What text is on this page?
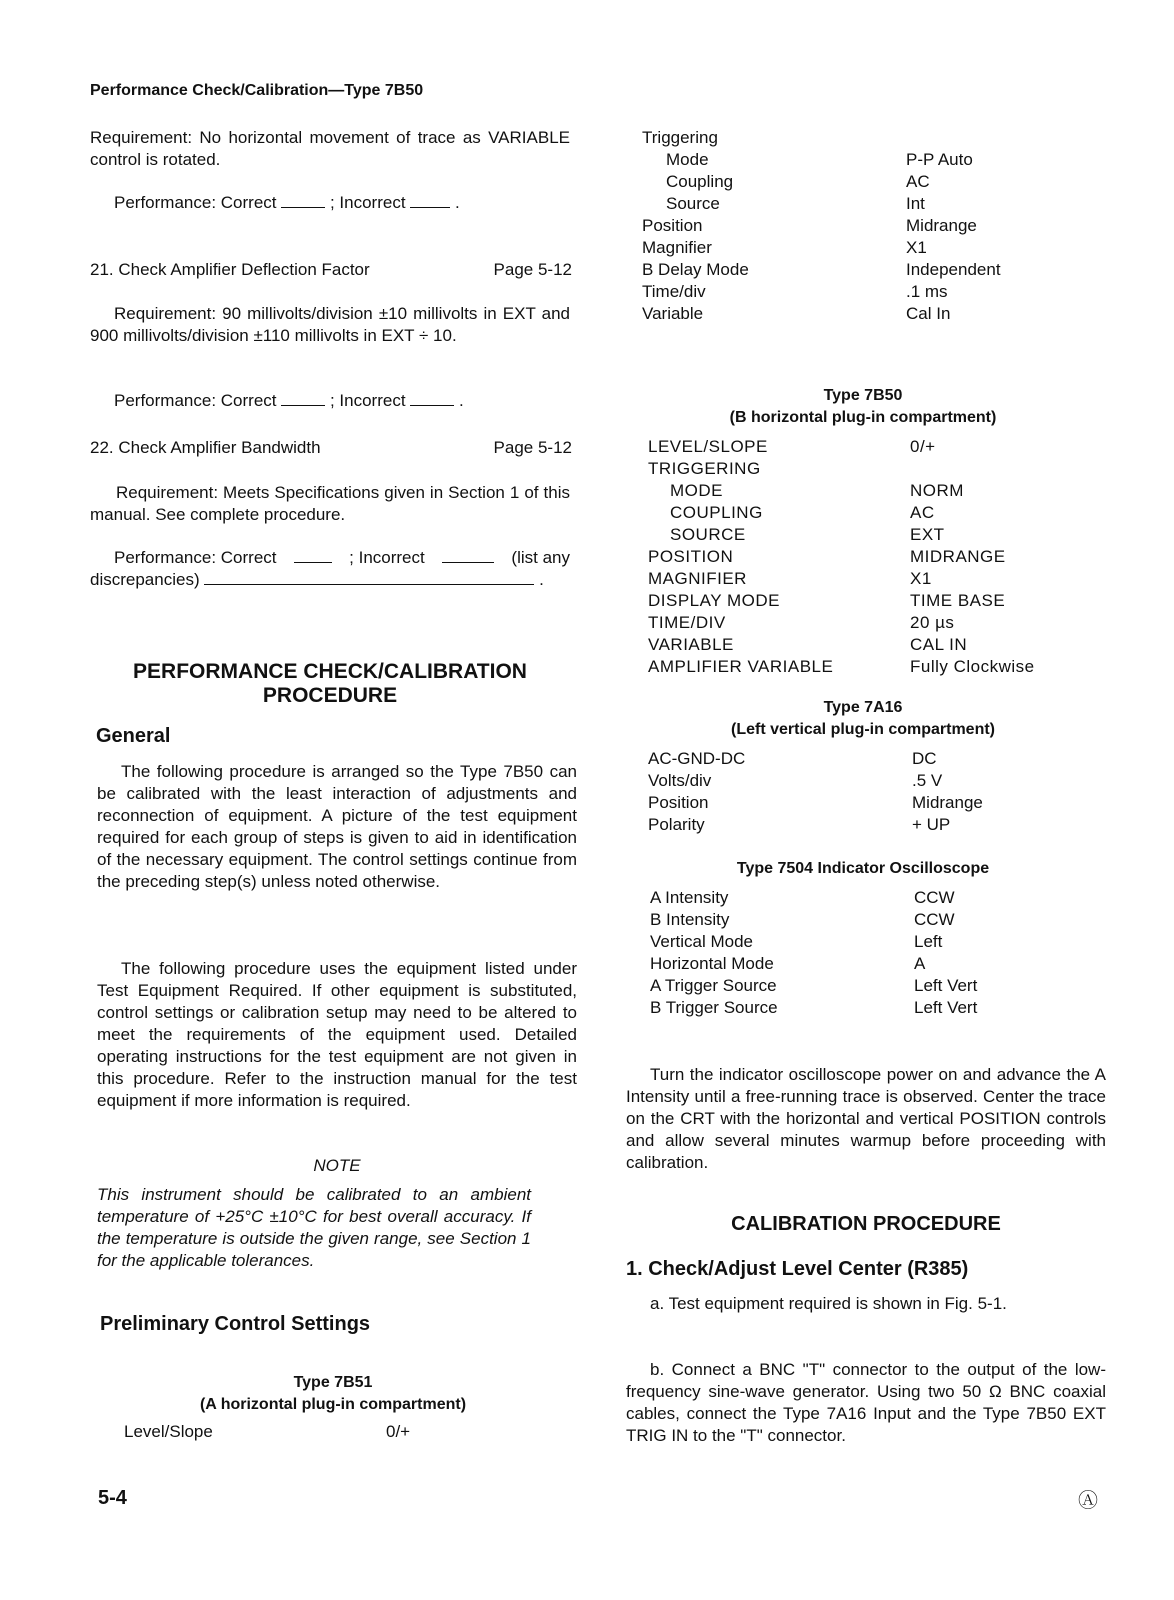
Performance Check/Calibration—Type 7B50
Requirement: No horizontal movement of trace as VARIABLE control is rotated.
Performance: Correct	; Incorrect	.
21. Check Amplifier Deflection Factor	Page 5-12
Requirement: 90 millivolts/division ±10 millivolts in EXT and 900 millivolts/division ±110 millivolts in EXT ÷ 10.
Performance: Correct	; Incorrect	.
22. Check Amplifier Bandwidth	Page 5-12
Requirement: Meets Specifications given in Section 1 of this manual. See complete procedure.
Performance: Correct	; Incorrect	(list any
discrepancies)	.
PERFORMANCE CHECK/CALIBRATION
PROCEDURE
General
The following procedure is arranged so the Type 7B50 can be calibrated with the least interaction of adjustments and reconnection of equipment. A picture of the test equipment required for each group of steps is given to aid in identification of the necessary equipment. The control settings continue from the preceding step(s) unless noted otherwise.
The following procedure uses the equipment listed under Test Equipment Required. If other equipment is substituted, control settings or calibration setup may need to be altered to meet the requirements of the equipment used. Detailed operating instructions for the test equipment are not given in this procedure. Refer to the instruction manual for the test equipment if more information is required.
NOTE
This instrument should be calibrated to an ambient temperature of +25°C ±10°C for best overall accuracy. If the temperature is outside the given range, see Section 1 for the applicable tolerances.
Preliminary Control Settings
Type 7B51
(A horizontal plug-in compartment)
Level/Slope	0/+
Triggering
Mode	P-P Auto
Coupling	AC
Source	Int
Position	Midrange
Magnifier	X1
B Delay Mode	Independent
Time/div	.1 ms
Variable	Cal In
Type 7B50
(B horizontal plug-in compartment)
LEVEL/SLOPE	0/+
TRIGGERING
MODE	NORM
COUPLING	AC
SOURCE	EXT
POSITION	MIDRANGE
MAGNIFIER	X1
DISPLAY MODE	TIME BASE
TIME/DIV	20 µs
VARIABLE	CAL IN
AMPLIFIER VARIABLE	Fully Clockwise
Type 7A16
(Left vertical plug-in compartment)
AC-GND-DC	DC
Volts/div	.5 V
Position	Midrange
Polarity	+ UP
Type 7504 Indicator Oscilloscope
A Intensity	CCW
B Intensity	CCW
Vertical Mode	Left
Horizontal Mode	A
A Trigger Source	Left Vert
B Trigger Source	Left Vert
Turn the indicator oscilloscope power on and advance the A Intensity until a free-running trace is observed. Center the trace on the CRT with the horizontal and vertical POSITION controls and allow several minutes warmup before proceeding with calibration.
CALIBRATION PROCEDURE
1. Check/Adjust Level Center (R385)
a. Test equipment required is shown in Fig. 5-1.
b. Connect a BNC "T" connector to the output of the low-frequency sine-wave generator. Using two 50 Ω BNC coaxial cables, connect the Type 7A16 Input and the Type 7B50 EXT TRIG IN to the "T" connector.
5-4	Ⓐ
